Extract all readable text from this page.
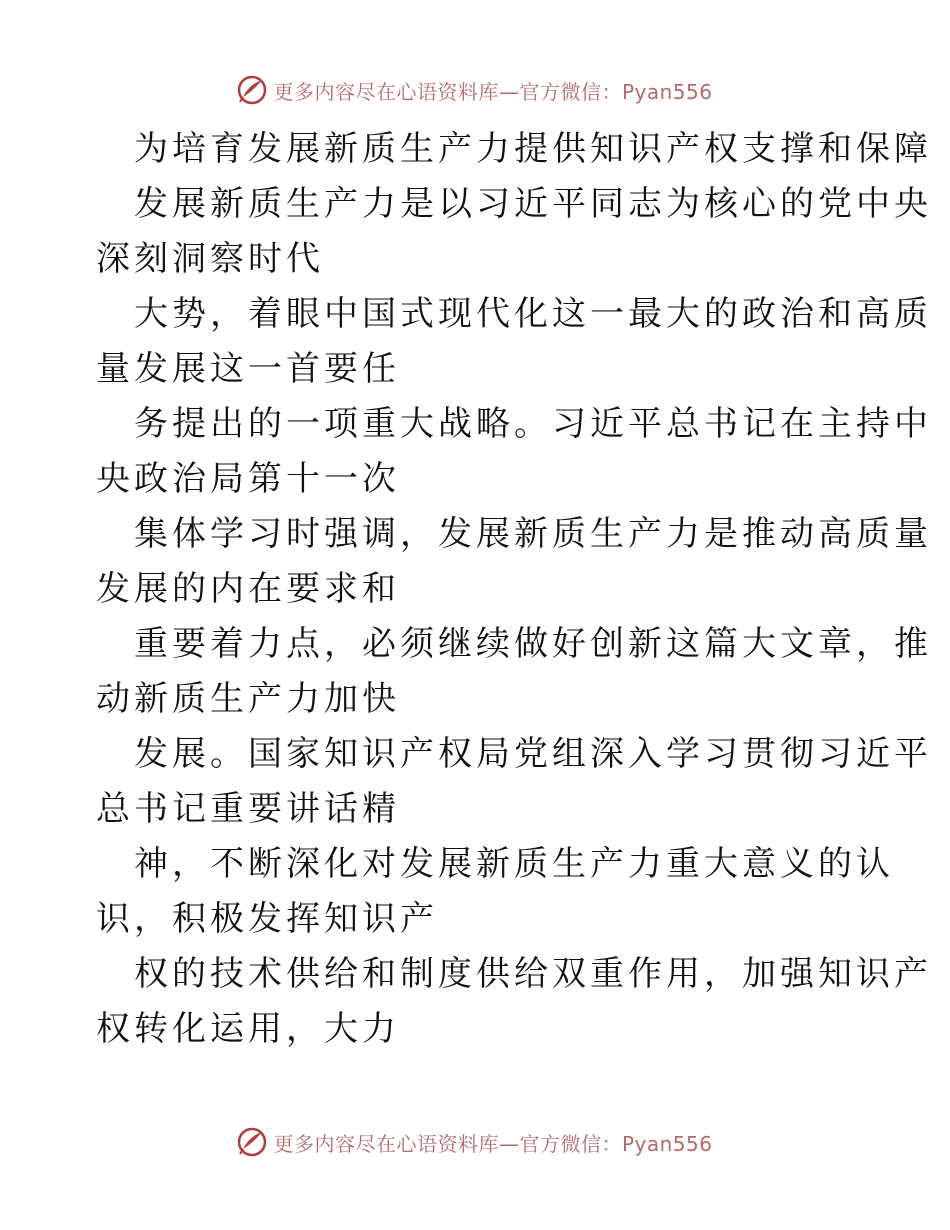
更多内容尽在心语资料库—官方微信：Pyan556
为培育发展新质生产力提供知识产权支撑和保障
发展新质生产力是以习近平同志为核心的党中央
深刻洞察时代
大势，着眼中国式现代化这一最大的政治和高质
量发展这一首要任
务提出的一项重大战略。习近平总书记在主持中
央政治局第十一次
集体学习时强调，发展新质生产力是推动高质量
发展的内在要求和
重要着力点，必须继续做好创新这篇大文章，推
动新质生产力加快
发展。国家知识产权局党组深入学习贯彻习近平
总书记重要讲话精
神，不断深化对发展新质生产力重大意义的认
识，积极发挥知识产
权的技术供给和制度供给双重作用，加强知识产
权转化运用，大力
更多内容尽在心语资料库—官方微信：Pyan556
